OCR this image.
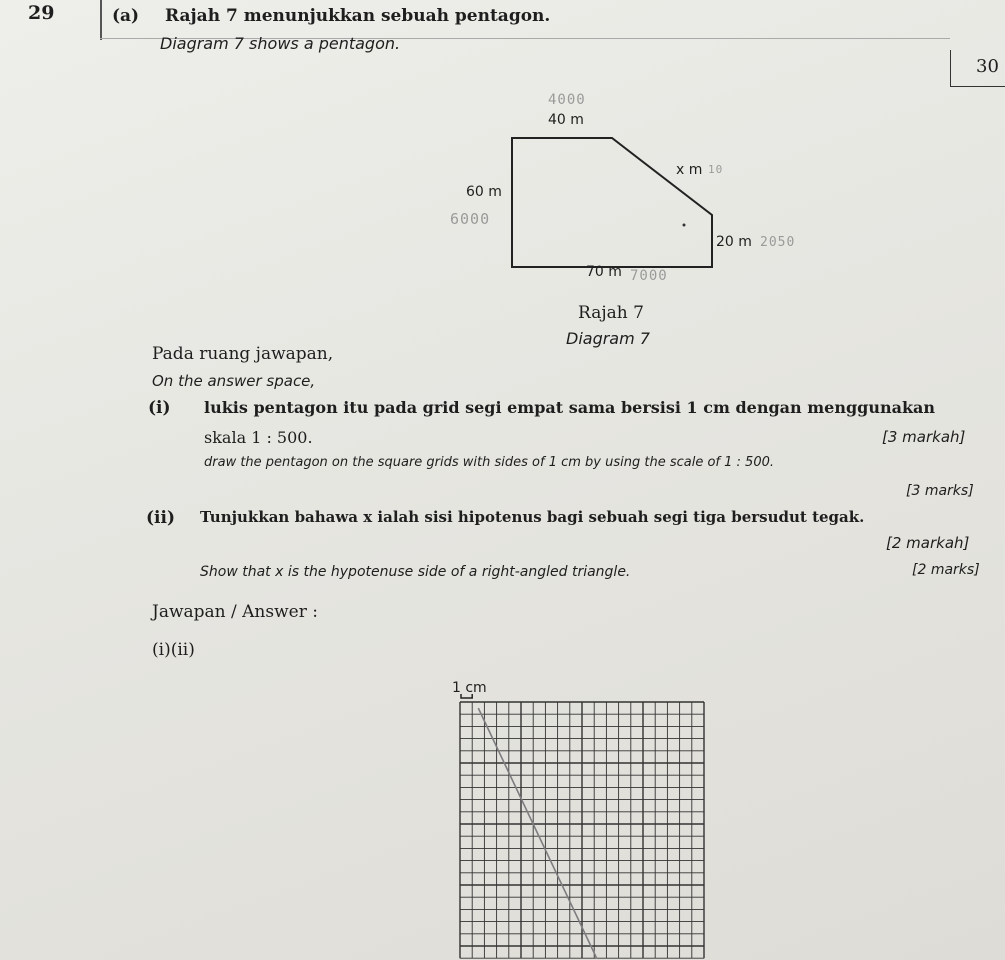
29	(a) Rajah 7 menunjukkan sebuah pentagon.
Diagram 7 shows a pentagon.
30
4000
40 m
x m 10
60 m
6000
20 m 2050
70 m 7000
Rajah 7
Diagram 7
Pada ruang jawapan,
On the answer space,
(i) lukis pentagon itu pada grid segi empat sama bersisi 1 cm dengan menggunakan
skala 1 : 500.	[3 markah]
draw the pentagon on the square grids with sides of 1 cm by using the scale of 1 : 500.
[3 marks]
(ii) Tunjukkan bahawa x ialah sisi hipotenus bagi sebuah segi tiga bersudut tegak.
[2 markah]
Show that x is the hypotenuse side of a right-angled triangle.	[2 marks]
Jawapan / Answer :
(i)(ii)
1 cm
